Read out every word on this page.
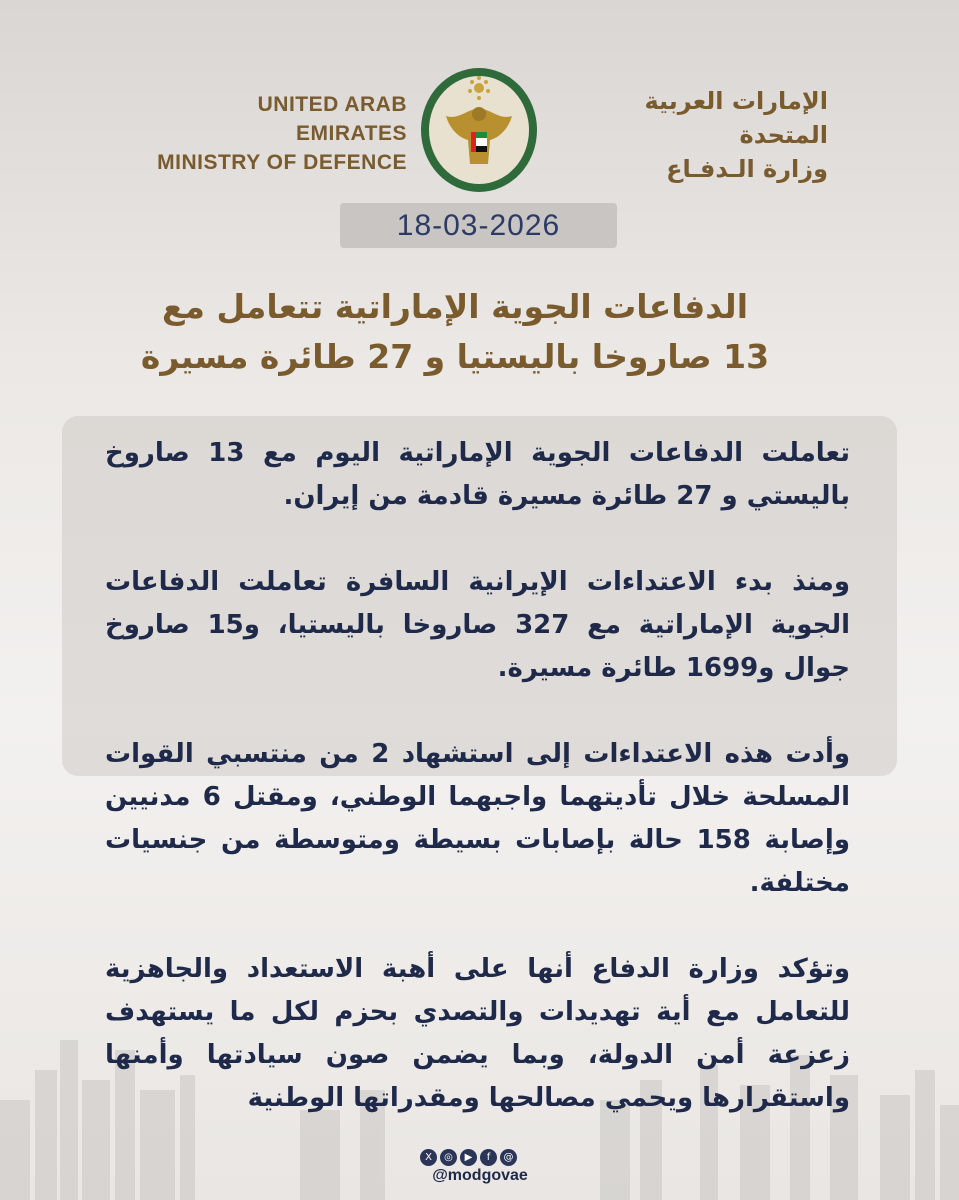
UNITED ARAB EMIRATES
MINISTRY OF DEFENCE
الإمارات العربية المتحدة
وزارة الـدفـاع
18-03-2026
الدفاعات الجوية الإماراتية تتعامل مع
13 صاروخا باليستيا و 27 طائرة مسيرة

تعاملت الدفاعات الجوية الإماراتية اليوم مع 13 صاروخ باليستي و 27 طائرة مسيرة قادمة من إيران.

ومنذ بدء الاعتداءات الإيرانية السافرة تعاملت الدفاعات الجوية الإماراتية مع 327 صاروخا باليستيا، و15 صاروخ جوال و1699 طائرة مسيرة.

وأدت هذه الاعتداءات إلى استشهاد 2 من منتسبي القوات المسلحة خلال تأديتهما واجبهما الوطني، ومقتل 6 مدنيين وإصابة 158 حالة بإصابات بسيطة ومتوسطة من جنسيات مختلفة.

وتؤكد وزارة الدفاع أنها على أهبة الاستعداد والجاهزية للتعامل مع أية تهديدات والتصدي بحزم لكل ما يستهدف زعزعة أمن الدولة، وبما يضمن صون سيادتها وأمنها واستقرارها ويحمي مصالحها ومقدراتها الوطنية

X ◎ ▶ f @
@modgovae
